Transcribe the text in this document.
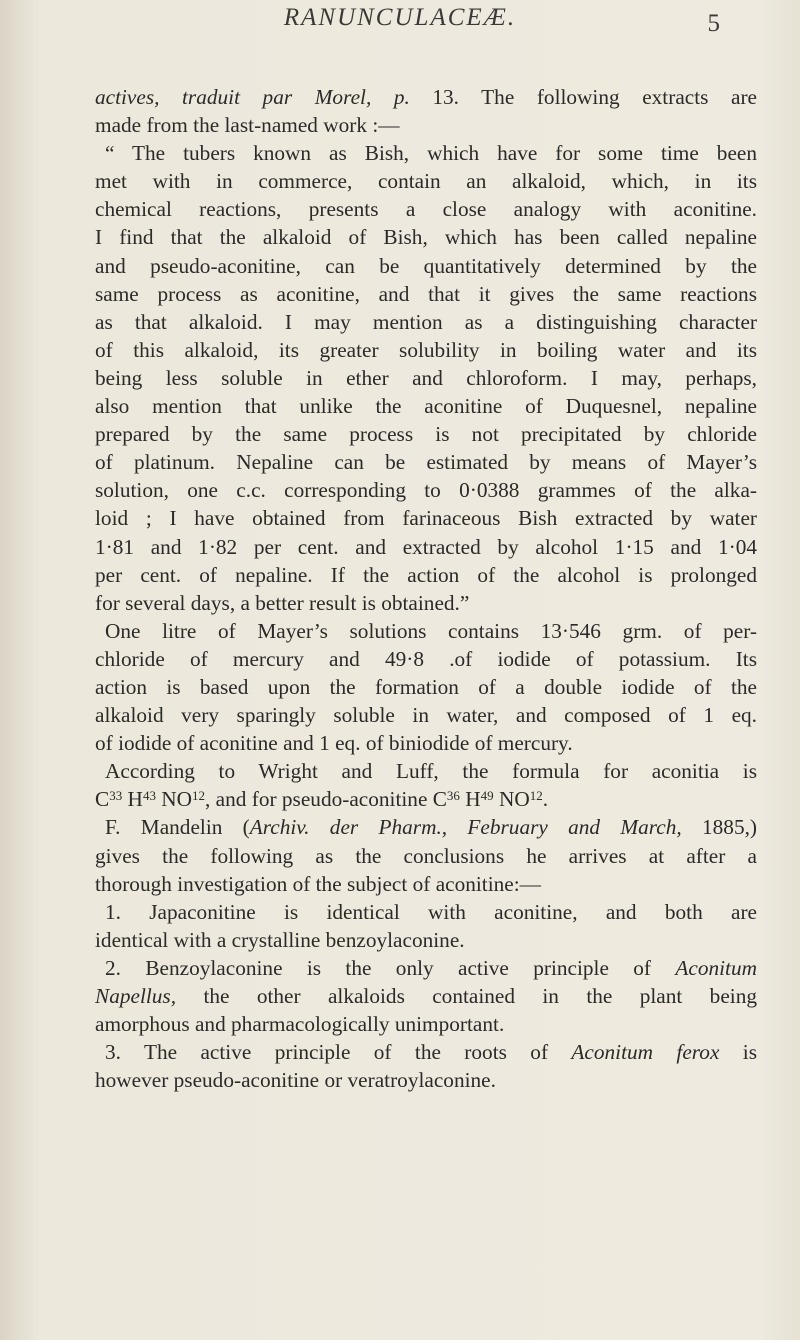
RANUNCULACEÆ.	5
actives, traduit par Morel, p. 13. The following extracts are
made from the last-named work :—
“ The tubers known as Bish, which have for some time been
met with in commerce, contain an alkaloid, which, in its
chemical reactions, presents a close analogy with aconitine.
I find that the alkaloid of Bish, which has been called nepaline
and pseudo-aconitine, can be quantitatively determined by the
same process as aconitine, and that it gives the same reactions
as that alkaloid. I may mention as a distinguishing character
of this alkaloid, its greater solubility in boiling water and its
being less soluble in ether and chloroform. I may, perhaps,
also mention that unlike the aconitine of Duquesnel, nepaline
prepared by the same process is not precipitated by chloride
of platinum. Nepaline can be estimated by means of Mayer’s
solution, one c.c. corresponding to 0·0388 grammes of the alka-
loid ; I have obtained from farinaceous Bish extracted by water
1·81 and 1·82 per cent. and extracted by alcohol 1·15 and 1·04
per cent. of nepaline. If the action of the alcohol is prolonged
for several days, a better result is obtained.”
One litre of Mayer’s solutions contains 13·546 grm. of per-
chloride of mercury and 49·8 .of iodide of potassium. Its
action is based upon the formation of a double iodide of the
alkaloid very sparingly soluble in water, and composed of 1 eq.
of iodide of aconitine and 1 eq. of biniodide of mercury.
According to Wright and Luff, the formula for aconitia is
$C^{33}$ $H^{43}$ NO$^{12}$, and for pseudo-aconitine $C^{36}$ $H^{49}$ NO$^{12}$.
F. Mandelin (Archiv. der Pharm., February and March, 1885,)
gives the following as the conclusions he arrives at after a
thorough investigation of the subject of aconitine:—
1. Japaconitine is identical with aconitine, and both are
identical with a crystalline benzoylaconine.
2. Benzoylaconine is the only active principle of Aconitum
Napellus, the other alkaloids contained in the plant being
amorphous and pharmacologically unimportant.
3. The active principle of the roots of Aconitum ferox is
however pseudo-aconitine or veratroylaconine.
